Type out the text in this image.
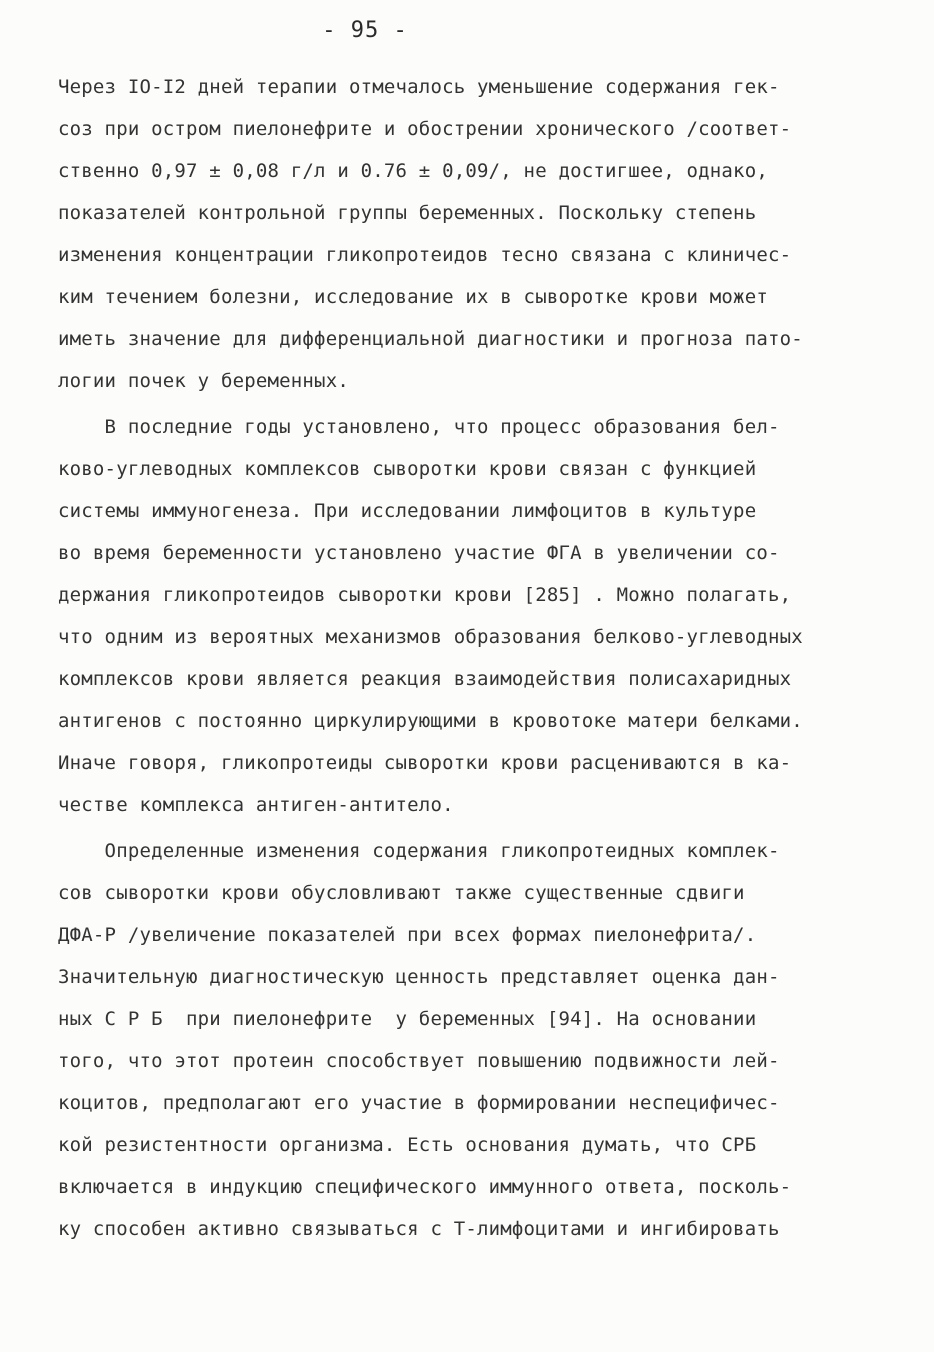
- 95 -
Через IO-I2 дней терапии отмечалось уменьшение содержания гек-
соз при остром пиелонефрите и обострении хронического /соответ-
ственно 0,97 ± 0,08 г/л и 0.76 ± 0,09/, не достигшее, однако,
показателей контрольной группы беременных. Поскольку степень
изменения концентрации гликопротеидов тесно связана с клиничес-
ким течением болезни, исследование их в сыворотке крови может
иметь значение для дифференциальной диагностики и прогноза пато-
логии почек у беременных.
В последние годы установлено, что процесс образования бел-
ково-углеводных комплексов сыворотки крови связан с функцией
системы иммуногенеза. При исследовании лимфоцитов в культуре
во время беременности установлено участие ФГА в увеличении со-
держания гликопротеидов сыворотки крови [285] . Можно полагать,
что одним из вероятных механизмов образования белково-углеводных
комплексов крови является реакция взаимодействия полисахаридных
антигенов с постоянно циркулирующими в кровотоке матери белками.
Иначе говоря, гликопротеиды сыворотки крови расцениваются в ка-
честве комплекса антиген-антитело.
Определенные изменения содержания гликопротеидных комплек-
сов сыворотки крови обусловливают также существенные сдвиги
ДФА-Р /увеличение показателей при всех формах пиелонефрита/.
Значительную диагностическую ценность представляет оценка дан-
ных С Р Б  при пиелонефрите  у беременных [94]. На основании
того, что этот протеин способствует повышению подвижности лей-
коцитов, предполагают его участие в формировании неспецифичес-
кой резистентности организма. Есть основания думать, что СРБ
включается в индукцию специфического иммунного ответа, посколь-
ку способен активно связываться с Т-лимфоцитами и ингибировать
